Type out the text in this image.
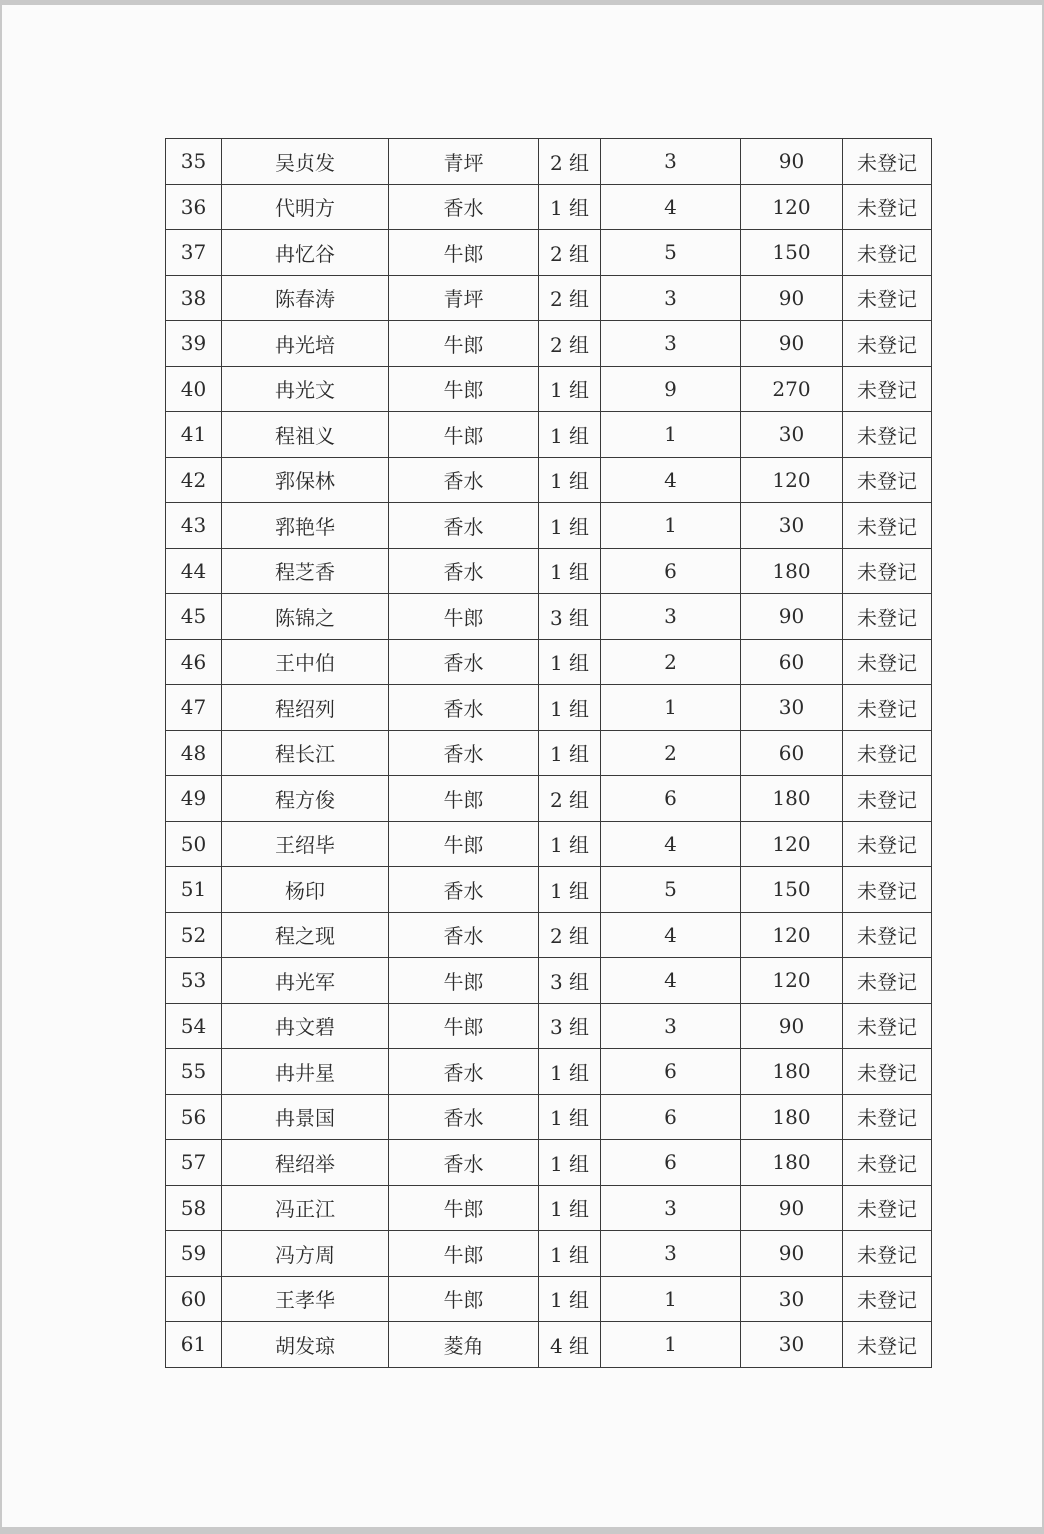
35	吴贞发	青坪	2 组	3	90	未登记
36	代明方	香水	1 组	4	120	未登记
37	冉忆谷	牛郎	2 组	5	150	未登记
38	陈春涛	青坪	2 组	3	90	未登记
39	冉光培	牛郎	2 组	3	90	未登记
40	冉光文	牛郎	1 组	9	270	未登记
41	程祖义	牛郎	1 组	1	30	未登记
42	郛保林	香水	1 组	4	120	未登记
43	郛艳华	香水	1 组	1	30	未登记
44	程芝香	香水	1 组	6	180	未登记
45	陈锦之	牛郎	3 组	3	90	未登记
46	王中伯	香水	1 组	2	60	未登记
47	程绍列	香水	1 组	1	30	未登记
48	程长江	香水	1 组	2	60	未登记
49	程方俊	牛郎	2 组	6	180	未登记
50	王绍毕	牛郎	1 组	4	120	未登记
51	杨印	香水	1 组	5	150	未登记
52	程之现	香水	2 组	4	120	未登记
53	冉光军	牛郎	3 组	4	120	未登记
54	冉文碧	牛郎	3 组	3	90	未登记
55	冉井星	香水	1 组	6	180	未登记
56	冉景国	香水	1 组	6	180	未登记
57	程绍举	香水	1 组	6	180	未登记
58	冯正江	牛郎	1 组	3	90	未登记
59	冯方周	牛郎	1 组	3	90	未登记
60	王孝华	牛郎	1 组	1	30	未登记
61	胡发琼	菱角	4 组	1	30	未登记
